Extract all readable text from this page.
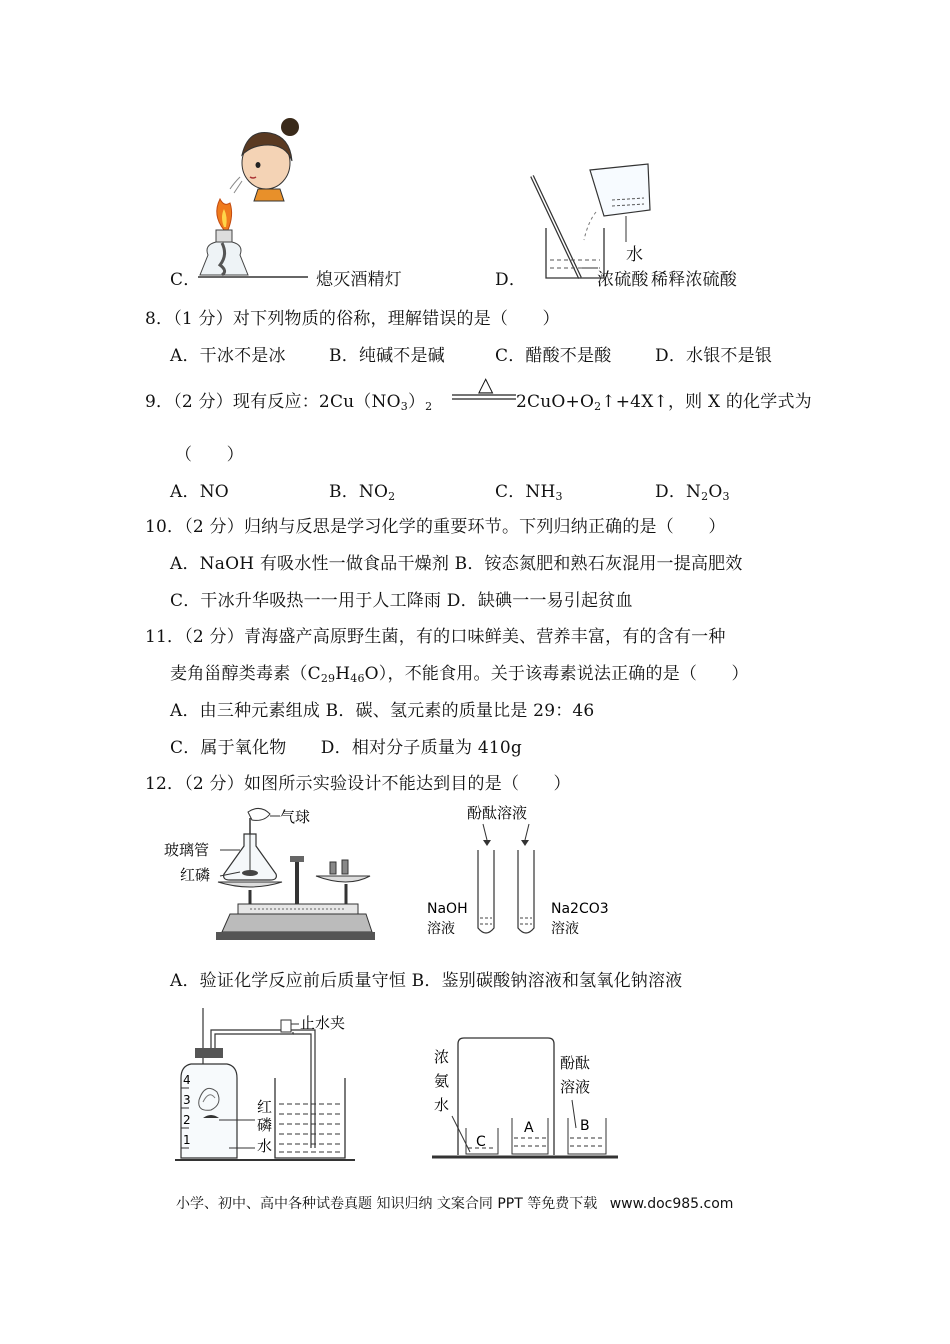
C．	熄灭酒精灯
水
D．	浓硫酸 稀释浓硫酸
8．（1 分）对下列物质的俗称，理解错误的是（　　）
A．干冰不是冰	B．纯碱不是碱	C．醋酸不是酸	D．水银不是银
9．（2 分）现有反应：$2Cu(NO_3)_2$
△
$2CuO+O_2↑+4X↑$，则 X 的化学式为
（　　）
A．NO	B．$NO_2$	C．$NH_3$	D．$N_2O_3$
10．（2 分）归纳与反思是学习化学的重要环节。下列归纳正确的是（　　）
A．NaOH 有吸水性一做食品干燥剂 B．铵态氮肥和熟石灰混用一提高肥效
C．干冰升华吸热一一用于人工降雨 D．缺碘一一易引起贫血
11．（2 分）青海盛产高原野生菌，有的口味鲜美、营养丰富，有的含有一种
麦角甾醇类毒素$(C_{29}H_{46}O)$，不能食用。关于该毒素说法正确的是（　　）
A．由三种元素组成 B．碳、氢元素的质量比是 29：46
C．属于氧化物　　D．相对分子质量为 410g
12．（2 分）如图所示实验设计不能达到目的是（　　）
气球
玻璃管
红磷
酚酞溶液
NaOH
溶液
Na2CO3
溶液
A．验证化学反应前后质量守恒 B．鉴别碳酸钠溶液和氢氧化钠溶液
止水夹
红
磷
水
4
3
2
1
浓
氨
水
酚酞
溶液
C
A	B
小学、初中、高中各种试卷真题 知识归纳 文案合同 PPT 等免费下载 www.doc985.com
